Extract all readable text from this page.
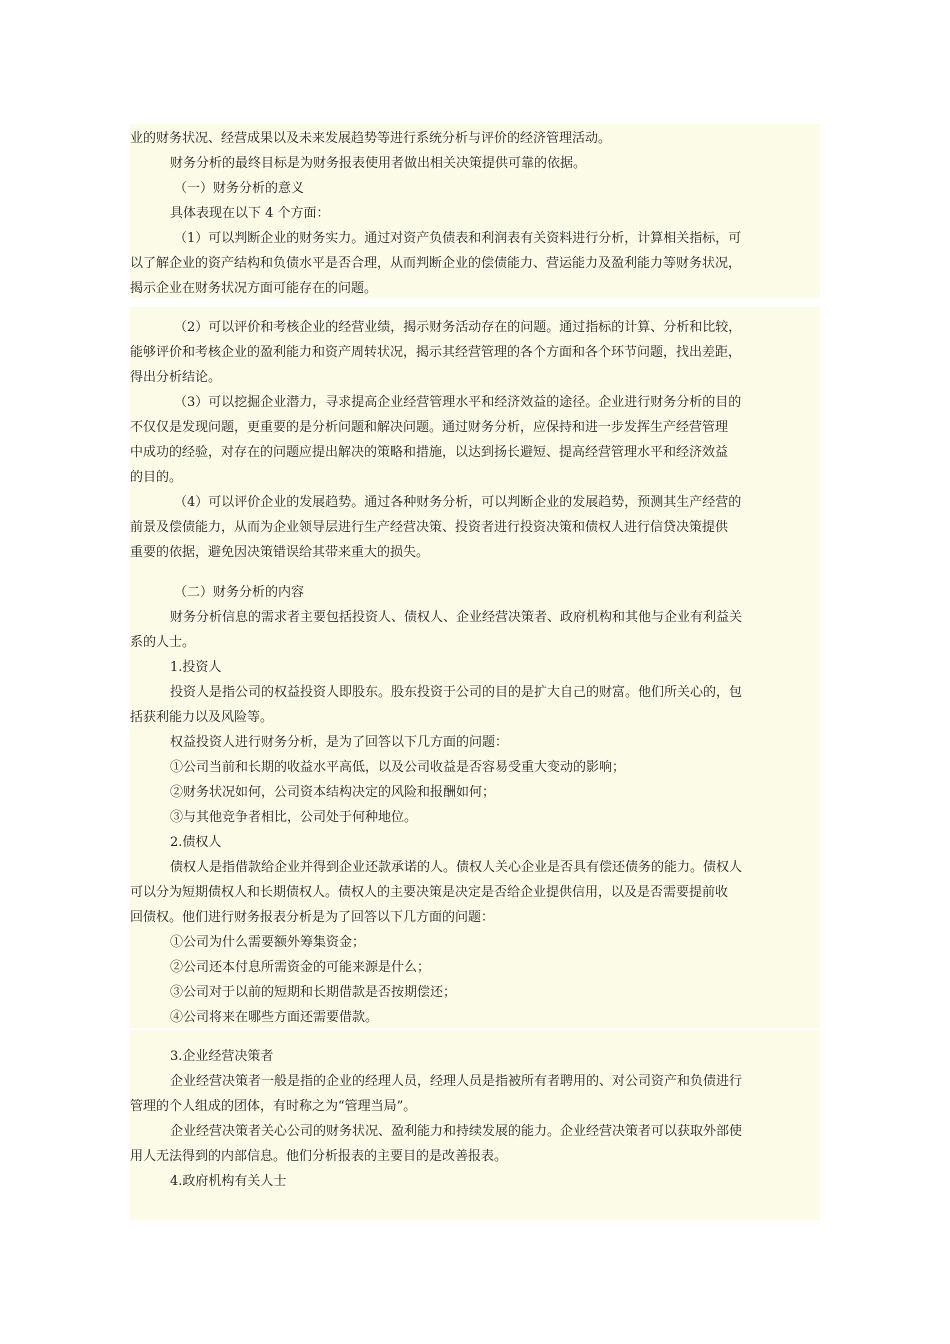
业的财务状况、经营成果以及未来发展趋势等进行系统分析与评价的经济管理活动。

财务分析的最终目标是为财务报表使用者做出相关决策提供可靠的依据。

（一）财务分析的意义

具体表现在以下 4 个方面：

（1）可以判断企业的财务实力。通过对资产负债表和利润表有关资料进行分析，计算相关指标，可

以了解企业的资产结构和负债水平是否合理，从而判断企业的偿债能力、营运能力及盈利能力等财务状况，

揭示企业在财务状况方面可能存在的问题。

（2）可以评价和考核企业的经营业绩，揭示财务活动存在的问题。通过指标的计算、分析和比较，

能够评价和考核企业的盈利能力和资产周转状况，揭示其经营管理的各个方面和各个环节问题，找出差距，

得出分析结论。

（3）可以挖掘企业潜力，寻求提高企业经营管理水平和经济效益的途径。企业进行财务分析的目的

不仅仅是发现问题，更重要的是分析问题和解决问题。通过财务分析，应保持和进一步发挥生产经营管理

中成功的经验，对存在的问题应提出解决的策略和措施，以达到扬长避短、提高经营管理水平和经济效益

的目的。

（4）可以评价企业的发展趋势。通过各种财务分析，可以判断企业的发展趋势，预测其生产经营的

前景及偿债能力，从而为企业领导层进行生产经营决策、投资者进行投资决策和债权人进行信贷决策提供

重要的依据，避免因决策错误给其带来重大的损失。

（二）财务分析的内容

财务分析信息的需求者主要包括投资人、债权人、企业经营决策者、政府机构和其他与企业有利益关

系的人士。

1.投资人

投资人是指公司的权益投资人即股东。股东投资于公司的目的是扩大自己的财富。他们所关心的，包

括获利能力以及风险等。

权益投资人进行财务分析，是为了回答以下几方面的问题：

①公司当前和长期的收益水平高低，以及公司收益是否容易受重大变动的影响；

②财务状况如何，公司资本结构决定的风险和报酬如何；

③与其他竞争者相比，公司处于何种地位。

2.债权人

债权人是指借款给企业并得到企业还款承诺的人。债权人关心企业是否具有偿还债务的能力。债权人

可以分为短期债权人和长期债权人。债权人的主要决策是决定是否给企业提供信用，以及是否需要提前收

回债权。他们进行财务报表分析是为了回答以下几方面的问题：

①公司为什么需要额外筹集资金；

②公司还本付息所需资金的可能来源是什么；

③公司对于以前的短期和长期借款是否按期偿还；

④公司将来在哪些方面还需要借款。

3.企业经营决策者

企业经营决策者一般是指的企业的经理人员，经理人员是指被所有者聘用的、对公司资产和负债进行

管理的个人组成的团体，有时称之为“管理当局”。

企业经营决策者关心公司的财务状况、盈利能力和持续发展的能力。企业经营决策者可以获取外部使

用人无法得到的内部信息。他们分析报表的主要目的是改善报表。

4.政府机构有关人士
